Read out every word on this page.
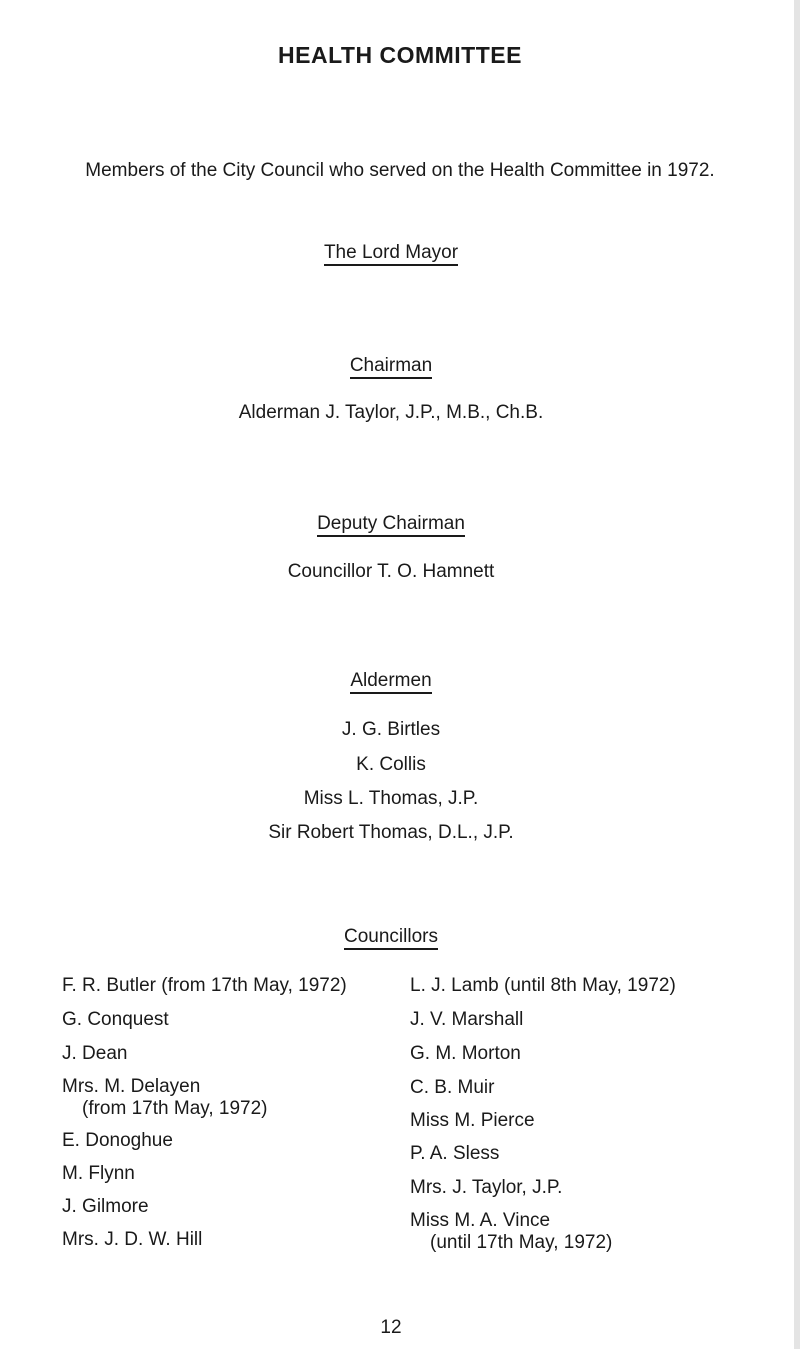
HEALTH COMMITTEE
Members of the City Council who served on the Health Committee in 1972.
The Lord Mayor
Chairman
Alderman J. Taylor, J.P., M.B., Ch.B.
Deputy Chairman
Councillor T. O. Hamnett
Aldermen
J. G. Birtles
K. Collis
Miss L. Thomas, J.P.
Sir Robert Thomas, D.L., J.P.
Councillors
F. R. Butler (from 17th May, 1972)
G. Conquest
J. Dean
Mrs. M. Delayen
(from 17th May, 1972)
E. Donoghue
M. Flynn
J. Gilmore
Mrs. J. D. W. Hill
L. J. Lamb (until 8th May, 1972)
J. V. Marshall
G. M. Morton
C. B. Muir
Miss M. Pierce
P. A. Sless
Mrs. J. Taylor, J.P.
Miss M. A. Vince
(until 17th May, 1972)
12
